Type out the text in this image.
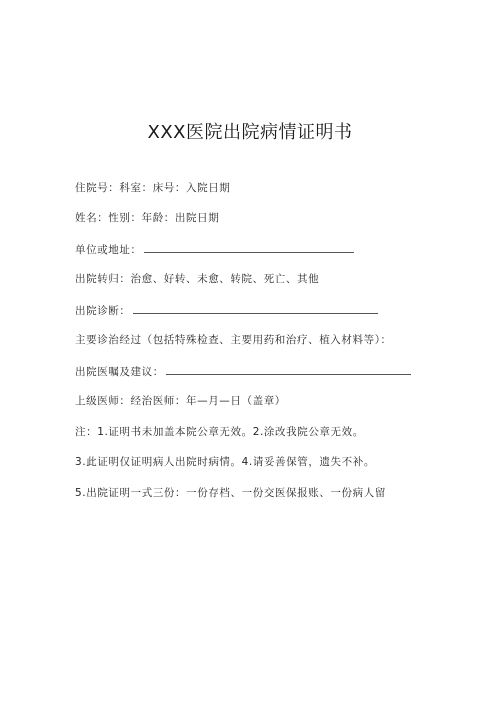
XXX医院出院病情证明书
住院号：科室：床号：入院日期
姓名：性别：年龄：出院日期
单位或地址：
出院转归：治愈、好转、未愈、转院、死亡、其他
出院诊断：
主要诊治经过（包括特殊检查、主要用药和治疗、植入材料等）：
出院医嘱及建议：
上级医师：经治医师：年—月—日（盖章）
注：1.证明书未加盖本院公章无效。2.涂改我院公章无效。
3.此证明仅证明病人出院时病情。4.请妥善保管，遗失不补。
5.出院证明一式三份：一份存档、一份交医保报账、一份病人留
